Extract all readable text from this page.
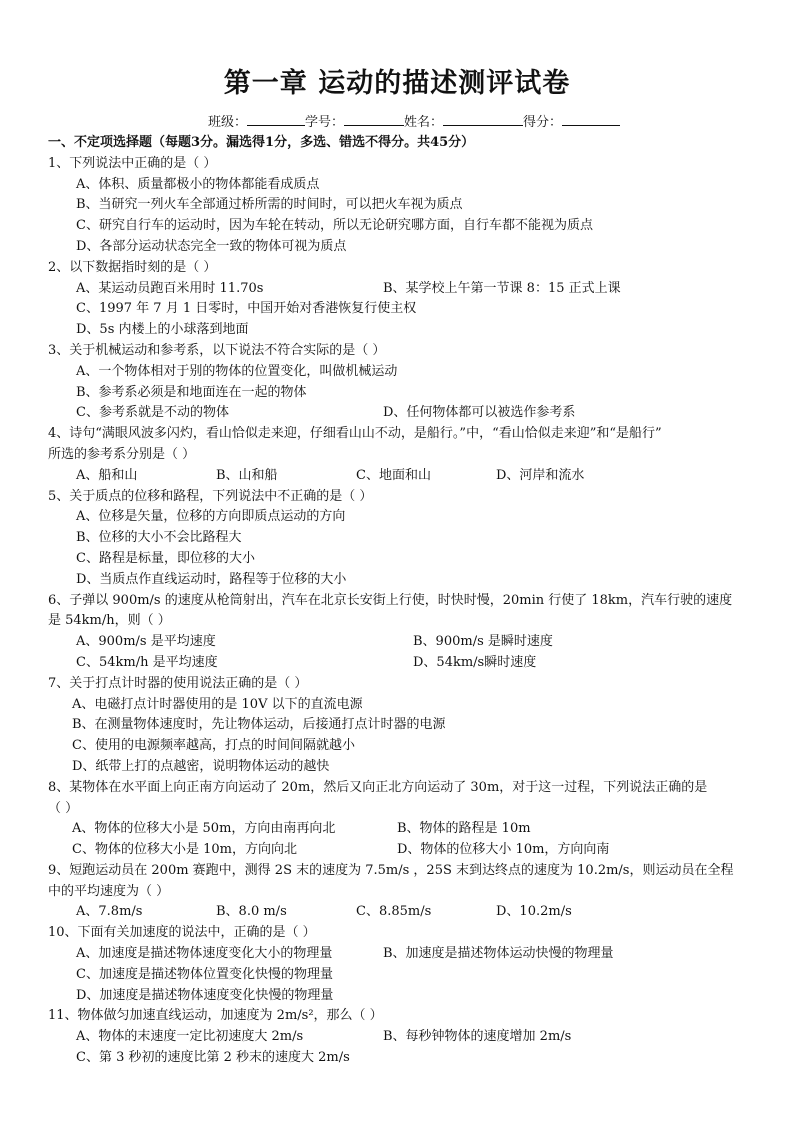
第一章 运动的描述测评试卷
班级：	学号：	姓名：	得分：
一、不定项选择题（每题3分。漏选得1分，多选、错选不得分。共45分）
1、下列说法中正确的是（ ）
A、体积、质量都极小的物体都能看成质点
B、当研究一列火车全部通过桥所需的时间时，可以把火车视为质点
C、研究自行车的运动时，因为车轮在转动，所以无论研究哪方面，自行车都不能视为质点
D、各部分运动状态完全一致的物体可视为质点
2、以下数据指时刻的是（ ）
A、某运动员跑百米用时 11.70s	B、某学校上午第一节课 8：15 正式上课
C、1997 年 7 月 1 日零时，中国开始对香港恢复行使主权
D、5s 内楼上的小球落到地面
3、关于机械运动和参考系，以下说法不符合实际的是（ ）
A、一个物体相对于别的物体的位置变化，叫做机械运动
B、参考系必须是和地面连在一起的物体
C、参考系就是不动的物体	D、任何物体都可以被选作参考系
4、诗句“满眼风波多闪灼，看山恰似走来迎，仔细看山山不动，是船行。”中，“看山恰似走来迎”和“是船行”
所选的参考系分别是（ ）
A、船和山	B、山和船	C、地面和山	D、河岸和流水
5、关于质点的位移和路程，下列说法中不正确的是（ ）
A、位移是矢量，位移的方向即质点运动的方向
B、位移的大小不会比路程大
C、路程是标量，即位移的大小
D、当质点作直线运动时，路程等于位移的大小
6、子弹以 900m/s 的速度从枪筒射出，汽车在北京长安街上行使，时快时慢，20min 行使了 18km，汽车行驶的速度
是 54km/h，则（ ）
A、900m/s 是平均速度	B、900m/s 是瞬时速度
C、54km/h 是平均速度	D、54km/s瞬时速度
7、关于打点计时器的使用说法正确的是（ ）
A、电磁打点计时器使用的是 10V 以下的直流电源
B、在测量物体速度时，先让物体运动，后接通打点计时器的电源
C、使用的电源频率越高，打点的时间间隔就越小
D、纸带上打的点越密，说明物体运动的越快
8、某物体在水平面上向正南方向运动了 20m，然后又向正北方向运动了 30m，对于这一过程，下列说法正确的是
（ ）
A、物体的位移大小是 50m，方向由南再向北	B、物体的路程是 10m
C、物体的位移大小是 10m，方向向北	D、物体的位移大小 10m，方向向南
9、短跑运动员在 200m 赛跑中，测得 2S 末的速度为 7.5m/s ，25S 末到达终点的速度为 10.2m/s，则运动员在全程
中的平均速度为（ ）
A、7.8m/s	B、8.0 m/s	C、8.85m/s	D、10.2m/s
10、下面有关加速度的说法中，正确的是（ ）
A、加速度是描述物体速度变化大小的物理量	B、加速度是描述物体运动快慢的物理量
C、加速度是描述物体位置变化快慢的物理量
D、加速度是描述物体速度变化快慢的物理量
11、物体做匀加速直线运动，加速度为 2m/s²，那么（ ）
A、物体的末速度一定比初速度大 2m/s	B、每秒钟物体的速度增加 2m/s
C、第 3 秒初的速度比第 2 秒末的速度大 2m/s
